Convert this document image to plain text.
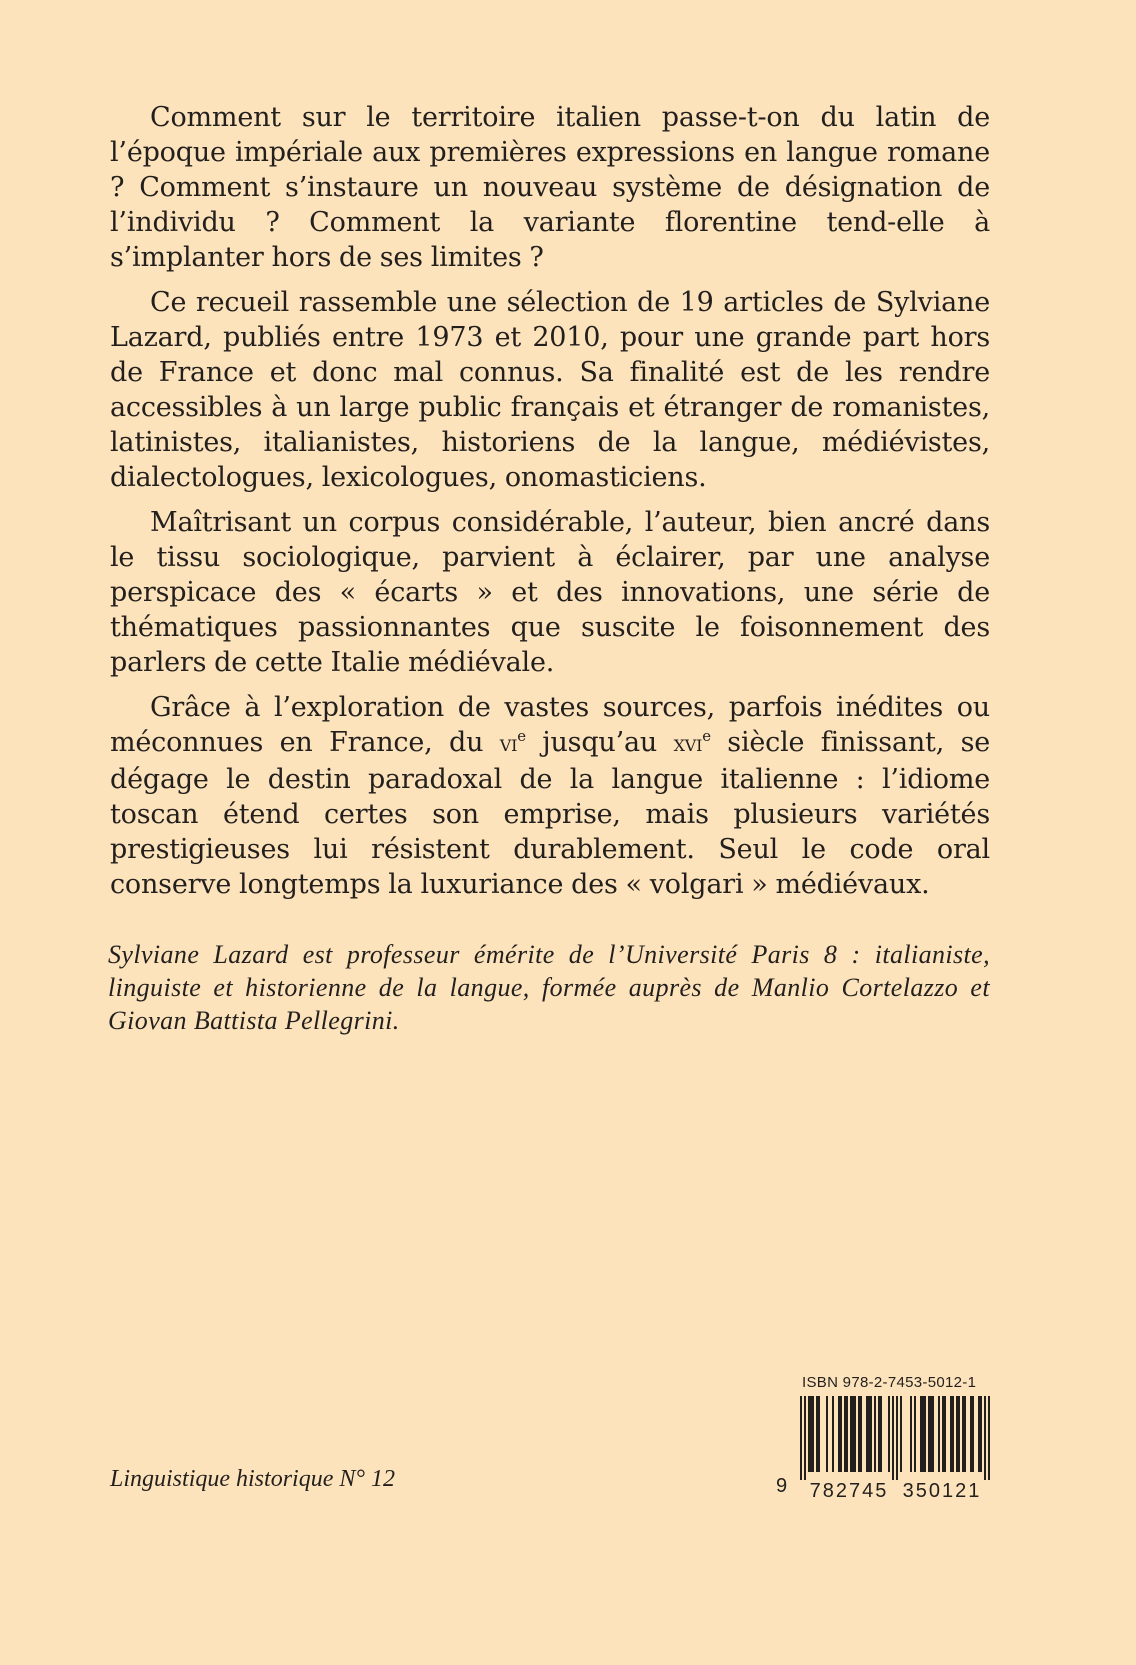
Comment sur le territoire italien passe-t-on du latin de l’époque impériale aux premières expressions en langue romane ? Comment s’instaure un nouveau système de désignation de l’individu ? Comment la variante florentine tend-elle à s’implanter hors de ses limites ?

Ce recueil rassemble une sélection de 19 articles de Sylviane Lazard, publiés entre 1973 et 2010, pour une grande part hors de France et donc mal connus. Sa finalité est de les rendre accessibles à un large public français et étranger de romanistes, latinistes, italianistes, historiens de la langue, médiévistes, dialectologues, lexicologues, onomasticiens.

Maîtrisant un corpus considérable, l’auteur, bien ancré dans le tissu sociologique, parvient à éclairer, par une analyse perspicace des « écarts » et des innovations, une série de thématiques passionnantes que suscite le foisonnement des parlers de cette Italie médiévale.

Grâce à l’exploration de vastes sources, parfois inédites ou méconnues en France, du $vi^e$ jusqu’au xvi$^e$ siècle finissant, se dégage le destin paradoxal de la langue italienne : l’idiome toscan étend certes son emprise, mais plusieurs variétés prestigieuses lui résistent durablement. Seul le code oral conserve longtemps la luxuriance des « volgari » médiévaux.

Sylviane Lazard est professeur émérite de l’Université Paris 8 : italianiste, linguiste et historienne de la langue, formée auprès de Manlio Cortelazzo et Giovan Battista Pellegrini.

Linguistique historique N° 12

ISBN 978-2-7453-5012-1
9 782745 350121
